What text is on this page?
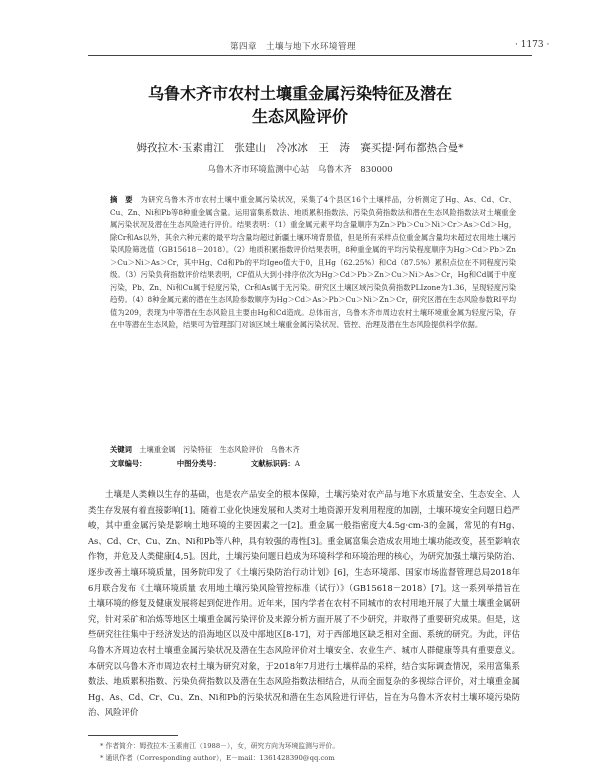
第四章　土壤与地下水环境管理	· 1173 ·
乌鲁木齐市农村土壤重金属污染特征及潜在
生态风险评价
姆孜拉木·玉素甫江　张建山　冷冰冰　王　涛　赛买提·阿布都热合曼*
乌鲁木齐市环境监测中心站　乌鲁木齐　830000
摘　要　 为研究乌鲁木齐市农村土壤中重金属污染状况，采集了4个县区16个土壤样品，分析测定了Hg、As、Cd、Cr、Cu、Zn、Ni和Pb等8种重金属含量。运用富集系数法、地质累积指数法、污染负荷指数法和潜在生态风险指数法对土壤重金属污染状况及潜在生态风险进行评价。结果表明：（1）重金属元素平均含量顺序为Zn＞Pb＞Cu＞Ni＞Cr＞As＞Cd＞Hg，除Cr和As以外，其余六种元素的最平均含量均超过新疆土壤环境背景值，但是所有采样点位重金属含量均未超过农用地土壤污染风险筛选值（GB15618－2018）。（2）地质积累指数评价结果表明，8种重金属的平均污染程度顺序为Hg＞Cd＞Pb＞Zn＞Cu＞Ni＞As＞Cr，其中Hg、Cd和Pb的平均Igeo值大于0，且Hg（62.25%）和Cd（87.5%）累积点位在不同程度污染级。（3）污染负荷指数评价结果表明，CF值从大到小排序依次为Hg＞Cd＞Pb＞Zn＞Cu＞Ni＞As＞Cr，Hg和Cd属于中度污染，Pb、Zn、Ni和Cu属于轻度污染，Cr和As属于无污染。研究区土壤区域污染负荷指数PLIzone为1.36，呈现轻度污染趋势。（4）8种金属元素的潜在生态风险参数顺序为Hg＞Cd＞As＞Pb＞Cu＞Ni＞Zn＞Cr，研究区潜在生态风险参数RI平均值为209，表现为中等潜在生态风险且主要由Hg和Cd造成。总体而言，乌鲁木齐市周边农村土壤环境重金属为轻度污染，存在中等潜在生态风险，结果可为管理部门对该区域土壤重金属污染状况、管控、治理及潜在生态风险提供科学依据。
关键词　 土壤重金属　污染特征　生态风险评价　乌鲁木齐
文章编号：	中图分类号：	文献标识码：A

土壤是人类赖以生存的基础，也是农产品安全的根本保障，土壤污染对农产品与地下水质量安全、生态安全、人类生存发展有着直接影响[1]。随着工业化快速发展和人类对土地资源开发利用程度的加剧，土壤环境安全问题日趋严峻，其中重金属污染是影响土地环境的主要因素之一[2]。重金属一般指密度大4.5g·cm-3的金属，常见的有Hg、As、Cd、Cr、Cu、Zn、Ni和Pb等八种，具有较强的毒性[3]。重金属富集会造成农用地土壤功能改变，甚至影响农作物，并危及人类健康[4,5]。因此，土壤污染问题日趋成为环境科学和环境治理的核心，为研究加强土壤污染防治、逐步改善土壤环境质量，国务院印发了《土壤污染防治行动计划》[6]，生态环境部、国家市场监督管理总局2018年6月联合发布《土壤环境质量 农用地土壤污染风险管控标准（试行）》（GB15618－2018）[7]。这一系列举措旨在土壤环境的修复及健康发展将起到促进作用。近年来，国内学者在农村不同城市的农村用地开展了大量土壤重金属研究，针对采矿和冶炼等地区土壤重金属污染评价及来源分析方面开展了不少研究，并取得了重要研究成果。但是，这些研究往往集中于经济发达的沿海地区以及中部地区[8-17]，对于西部地区缺乏相对全面、系统的研究。为此，评估乌鲁木齐周边农村土壤重金属污染状况及潜在生态风险评价对土壤安全、农业生产、城市人群健康等具有重要意义。本研究以乌鲁木齐市周边农村土壤为研究对象，于2018年7月进行土壤样品的采样，结合实际调查情况，采用富集系数法、地质累积指数、污染负荷指数以及潜在生态风险指数法相结合，从而全面复杂的多视综合评价，对土壤重金属Hg、As、Cd、Cr、Cu、Zn、Ni和Pb的污染状况和潜在生态风险进行评估，旨在为乌鲁木齐农村土壤环境污染防治、风险评价

* 作者简介：姆孜拉木·玉素甫江（1988－），女，研究方向为环境监测与评价。
* 通讯作者（Corresponding author），E－mail：1361428390@qq.com
